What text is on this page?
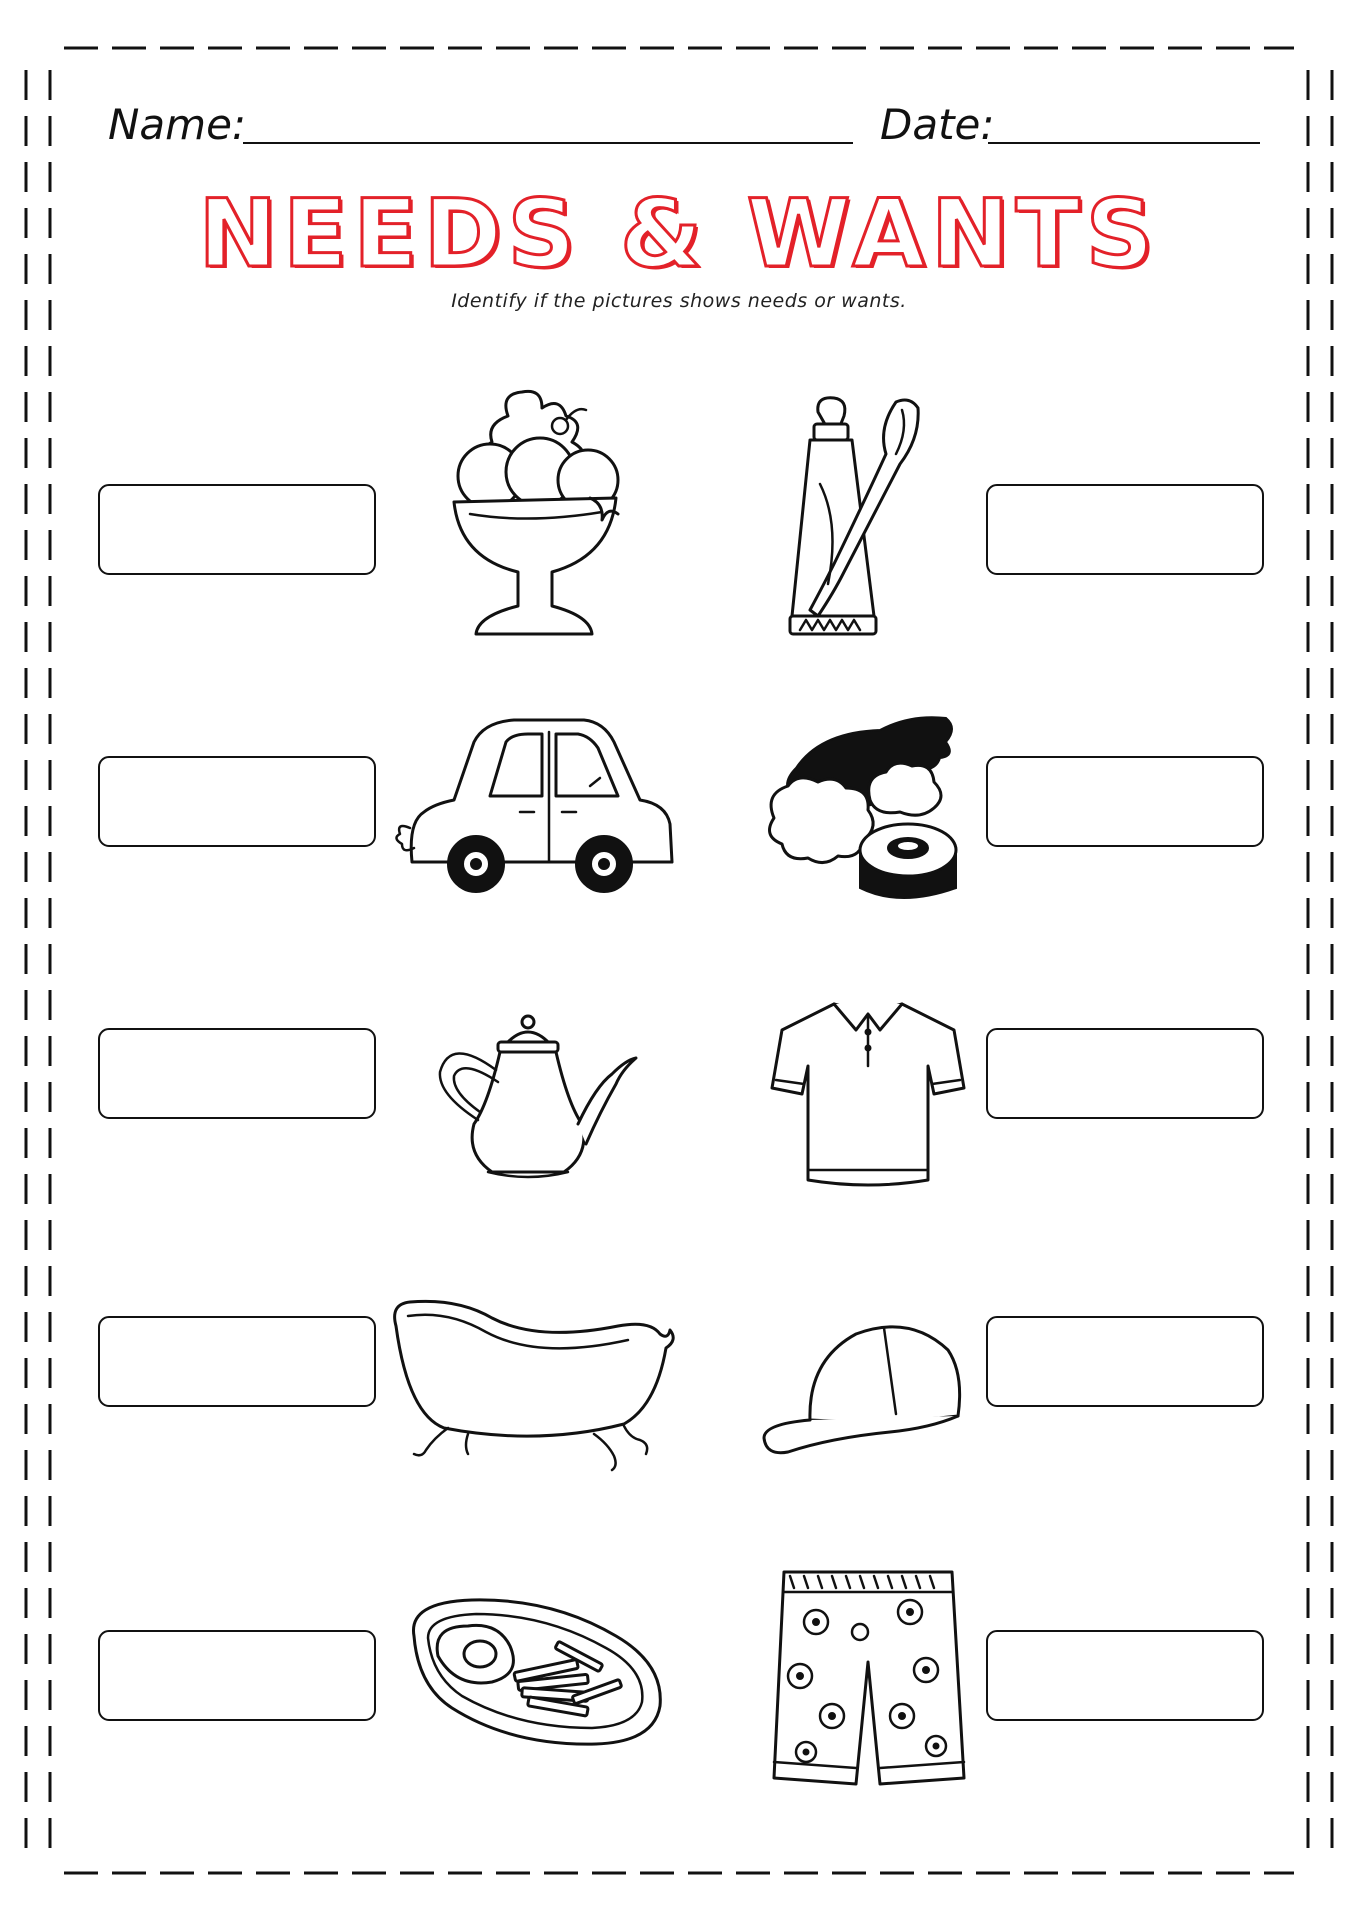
Name:	Date:
NEEDS & WANTS
Identify if the pictures shows needs or wants.
